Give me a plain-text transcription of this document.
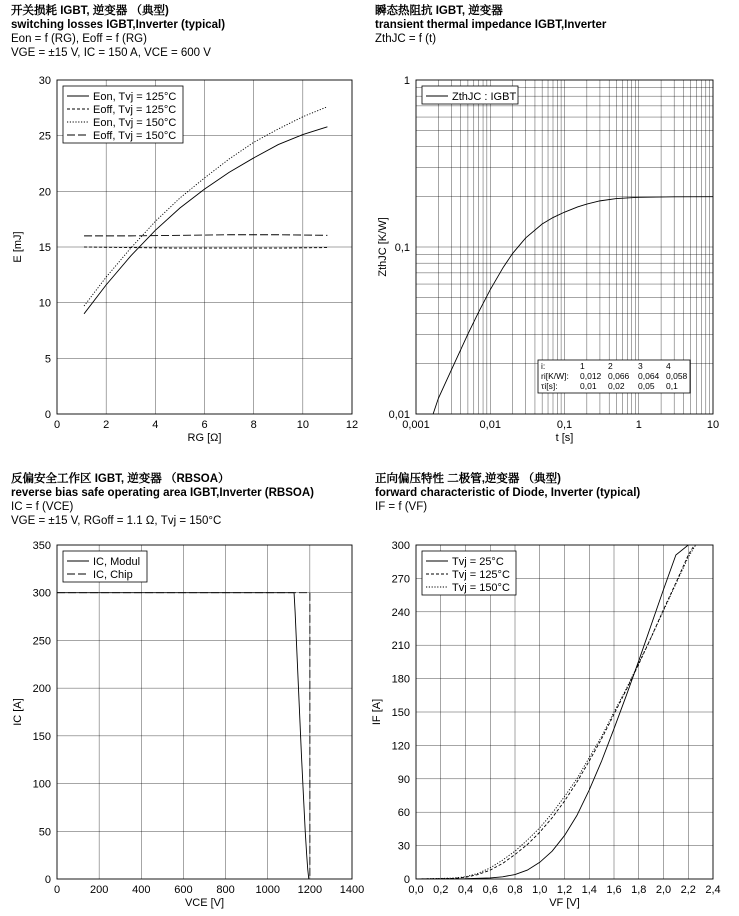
开关损耗 IGBT, 逆变器 （典型)
switching losses IGBT,Inverter (typical)
Eon = f (RG), Eoff = f (RG)
VGE = ±15 V, IC = 150 A, VCE = 600 V
瞬态热阻抗 IGBT, 逆变器
transient thermal impedance IGBT,Inverter
ZthJC = f (t)
反偏安全工作区 IGBT, 逆变器 （RBSOA）
reverse bias safe operating area IGBT,Inverter (RBSOA)
IC = f (VCE)
VGE = ±15 V, RGoff = 1.1 Ω, Tvj = 150°C
正向偏压特性 二极管,逆变器 （典型)
forward characteristic of Diode, Inverter (typical)
IF = f (VF)
0	2	4	6	8	10	12
0
5
10
15
20
25
30
RG [Ω]
E [mJ]
Eon, Tvj = 125°C
Eoff, Tvj = 125°C
Eon, Tvj = 150°C
Eoff, Tvj = 150°C
0,001	0,01	0,1	1	10
0,01
0,1
1
t [s]
ZthJC [K/W]
ZthJC : IGBT
i:	1	2	3	4
ri[K/W]: 0,012 0,066 0,064 0,058
τi[s]:	0,01 0,02 0,05 0,1
0	200 400 600 800 1000 1200 1400
0
50
100
150
200
250
300
350
VCE [V]
IC [A]
IC, Modul
IC, Chip
0,0 0,2 0,4 0,6 0,8 1,0 1,2 1,4 1,6 1,8 2,0 2,2 2,4
0
30
60
90
120
150
180
210
240
270
300
VF [V]
IF [A]
Tvj = 25°C
Tvj = 125°C
Tvj = 150°C
